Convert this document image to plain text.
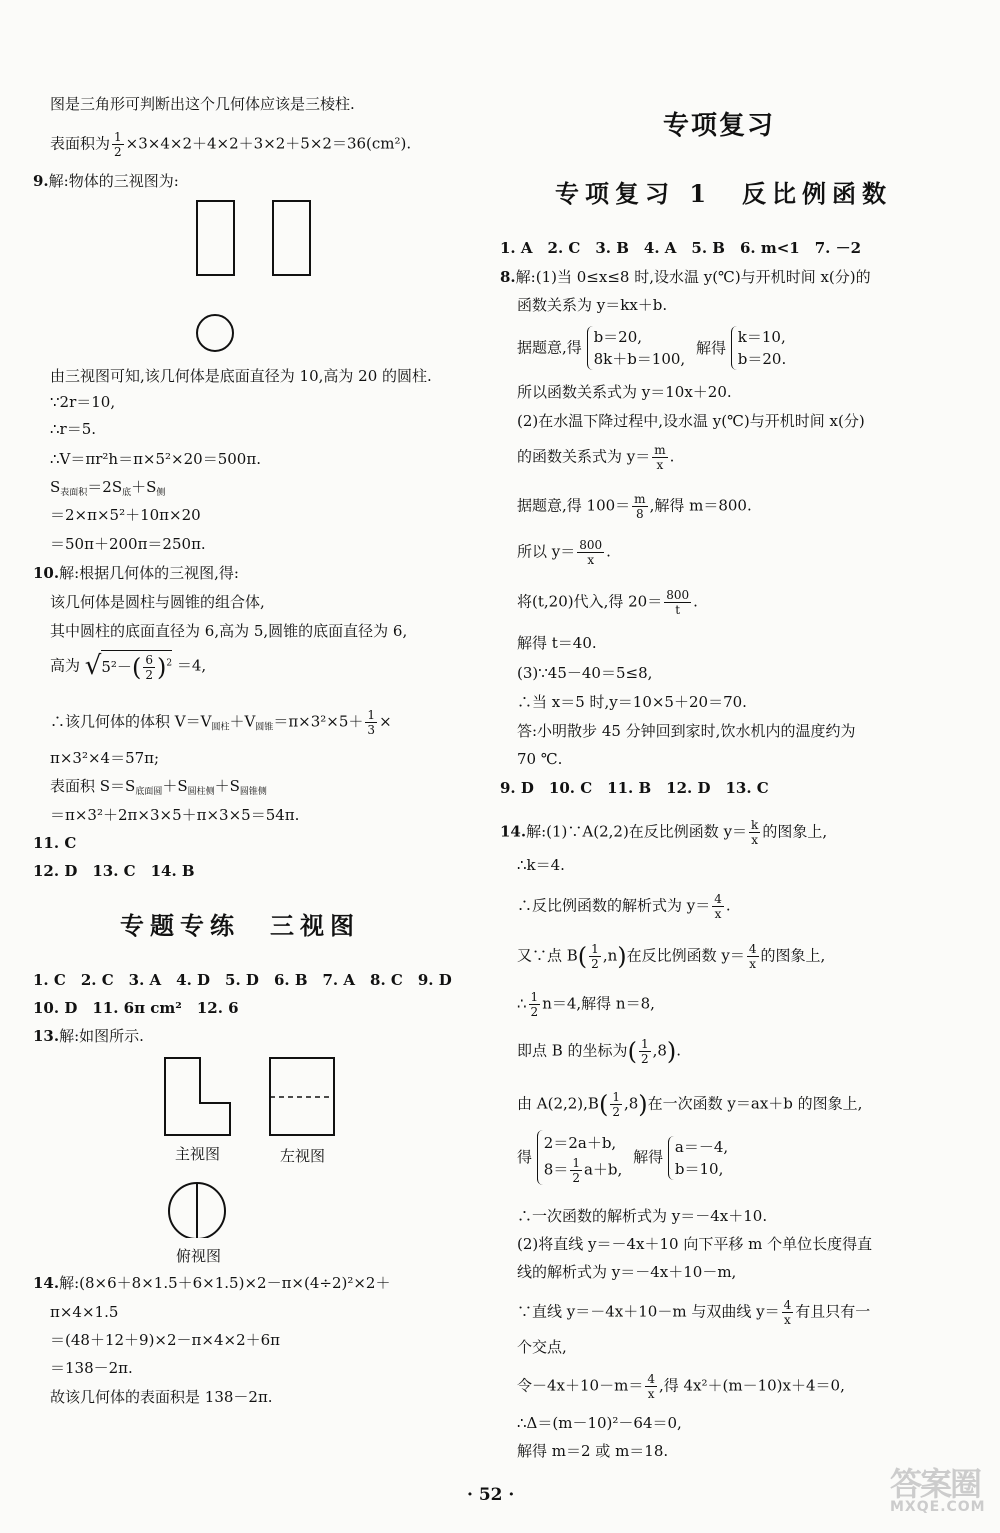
图是三角形可判断出这个几何体应该是三棱柱.
表面积为 $\frac{1}{2} \times 3\times 4\times 2+4\times 2+3\times 2+5\times 2=36(cm^2)$.
9.解:物体的三视图为:
由三视图可知,该几何体是底面直径为 10,高为 20 的圆柱.
∵2r＝10,
∴r＝5.
∴V＝πr²h＝π×5²×20＝500π.
$S_{表面积}=2S_底+S_侧$
＝2×π×5²＋10π×20
＝50π＋200π＝250π.
10.解:根据几何体的三视图,得:
该几何体是圆柱与圆锥的组合体,
其中圆柱的底面直径为 6,高为 5,圆锥的底面直径为 6,
高为 $√5^2-( \frac{6}{2} )^2 =4$,
∴该几何体的体积 $V=V_{圆柱}+V_{圆锥}=\pi\times 3^2\times 5+ \frac{1}{3}$ ×
π×3²×4＝57π;
表面积 $S=S_{底面圆}+S_{圆柱侧}+S_{圆锥侧}$
＝π×3²＋2π×3×5＋π×3×5＝54π.
11. C
12. D　13. C　14. B
专题专练　三视图
1. C　2. C　3. A　4. D　5. D　6. B　7. A　8. C　9. D
10. D　11. 6π cm²　12. 6
13.解:如图所示.
主视图	左视图
俯视图
14.解:(8×6＋8×1.5＋6×1.5)×2－π×(4÷2)²×2＋
π×4×1.5
＝(48＋12＋9)×2－π×4×2＋6π
＝138－2π.
故该几何体的表面积是 138－2π.
专项复习
专项复习 1　反比例函数
1. A　2. C　3. B　4. A　5. B　6. m<1　7. －2
8.解:(1)当 0≤x≤8 时,设水温 y(℃)与开机时间 x(分)的
函数关系为 y＝kx＋b.
据题意,得 b＝20,
8k＋b＝100, 解得 k＝10,
b＝20.
所以函数关系式为 y＝10x＋20.
(2)在水温下降过程中,设水温 y(℃)与开机时间 x(分)
的函数关系式为 $y= \frac{m}{x}$ .
据题意,得 $100= \frac{m}{8}$ ,解得 m＝800.
所以 $y= \frac{800}{x}$ .
将(t,20)代入,得 $20= \frac{800}{t}$ .
解得 t＝40.
(3)∵45－40＝5≤8,
∴当 x＝5 时,y＝10×5＋20＝70.
答:小明散步 45 分钟回到家时,饮水机内的温度约为
70 ℃.
9. D　10. C　11. B　12. D　13. C
14.解:(1)∵A(2,2)在反比例函数 $y= \frac{k}{x}$ 的图象上,
∴k＝4.
∴反比例函数的解析式为 $y= \frac{4}{x}$ .
又∵点 $B( \frac{1}{2} ,n)$在反比例函数 $y= \frac{4}{x}$ 的图象上,
∴ $\frac{1}{2} n=4$,解得 n＝8,
即点 B 的坐标为( $\frac{1}{2} ,8$).
由 $A(2,2),B( \frac{1}{2} ,8)$在一次函数 y＝ax＋b 的图象上,
得 2＝2a＋b,
$8= \frac{1}{2} a+b$, 解得 a＝－4,
b＝10,
∴一次函数的解析式为 y＝－4x＋10.
(2)将直线 y＝－4x＋10 向下平移 m 个单位长度得直
线的解析式为 y＝－4x＋10－m,
∵直线 y＝－4x＋10－m 与双曲线 $y= \frac{4}{x}$ 有且只有一
个交点,
令$-4x+10-m= \frac{4}{x}$ ,得 4x²＋(m－10)x＋4＝0,
∴Δ＝(m－10)²－64＝0,
解得 m＝2 或 m＝18.
· 52 ·	答案圈
MXQE.COM
